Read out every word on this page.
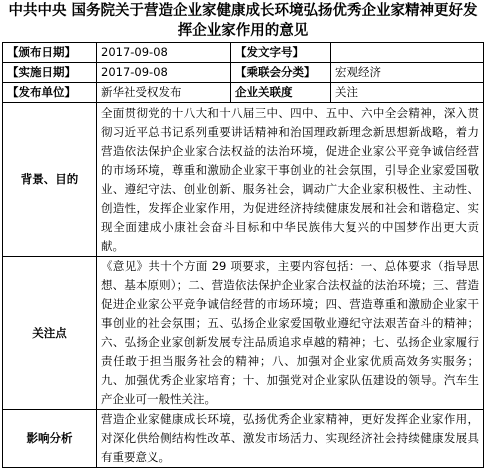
中共中央 国务院关于营造企业家健康成长环境弘扬优秀企业家精神更好发挥企业家作用的意见
【颁布日期】	2017-09-08	【发文字号】	
【实施日期】	2017-09-08	【乘联会分类】	宏观经济
【发布单位】	新华社受权发布	企业关联度	关注
背景、目的	全面贯彻党的十八大和十八届三中、四中、五中、六中全会精神，深入贯彻习近平总书记系列重要讲话精神和治国理政新理念新思想新战略，着力营造依法保护企业家合法权益的法治环境，促进企业家公平竞争诚信经营的市场环境，尊重和激励企业家干事创业的社会氛围，引导企业家爱国敬业、遵纪守法、创业创新、服务社会，调动广大企业家积极性、主动性、创造性，发挥企业家作用，为促进经济持续健康发展和社会和谐稳定、实现全面建成小康社会奋斗目标和中华民族伟大复兴的中国梦作出更大贡献。		
关注点	《意见》共十个方面 29 项要求，主要内容包括：一、总体要求（指导思想、基本原则）；二、营造依法保护企业家合法权益的法治环境；三、营造促进企业家公平竞争诚信经营的市场环境；四、营造尊重和激励企业家干事创业的社会氛围；五、弘扬企业家爱国敬业遵纪守法艰苦奋斗的精神；六、弘扬企业家创新发展专注品质追求卓越的精神；七、弘扬企业家履行责任敢于担当服务社会的精神；八、加强对企业家优质高效务实服务；九、加强优秀企业家培育；十、加强党对企业家队伍建设的领导。汽车生产企业可一般性关注。		
影响分析	营造企业家健康成长环境，弘扬优秀企业家精神，更好发挥企业家作用，对深化供给侧结构性改革、激发市场活力、实现经济社会持续健康发展具有重要意义。		
